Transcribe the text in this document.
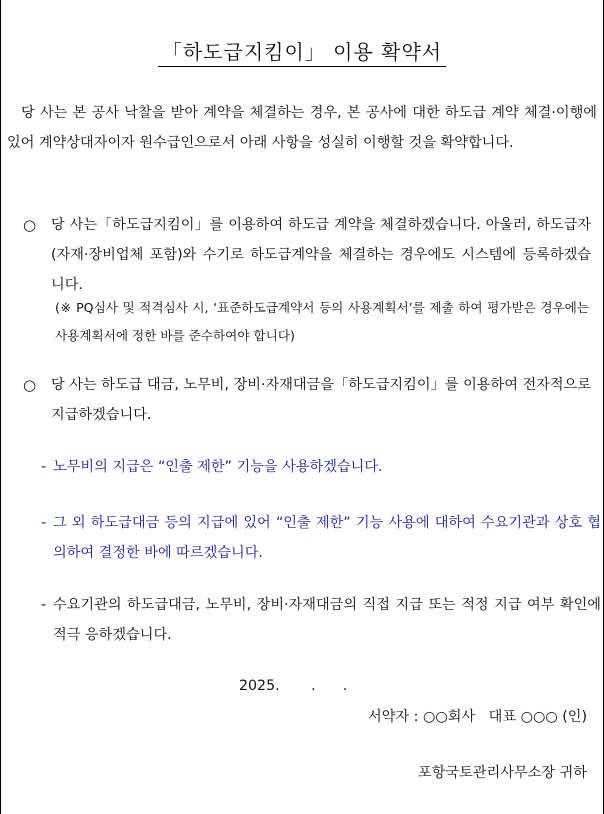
「하도급지킴이」 이용 확약서
당 사는 본 공사 낙찰을 받아 계약을 체결하는 경우, 본 공사에 대한 하도급 계약 체결·이행에 있어 계약상대자이자 원수급인으로서 아래 사항을 성실히 이행할 것을 확약합니다.
○	당 사는「하도급지킴이」를 이용하여 하도급 계약을 체결하겠습니다. 아울러, 하도급자(자재·장비업체 포함)와 수기로 하도급계약을 체결하는 경우에도 시스템에 등록하겠습니다.
(※ PQ심사 및 적격심사 시, ‘표준하도급계약서 등의 사용계획서’를 제출 하여 평가받은 경우에는 사용계획서에 정한 바를 준수하여야 합니다)
○	당 사는 하도급 대금, 노무비, 장비·자재대금을「하도급지킴이」를 이용하여 전자적으로 지급하겠습니다.
- 노무비의 지급은 “인출 제한” 기능을 사용하겠습니다.
- 그 외 하도급대금 등의 지급에 있어 “인출 제한” 기능 사용에 대하여 수요기관과 상호 협의하여 결정한 바에 따르겠습니다.
- 수요기관의 하도급대금, 노무비, 장비·자재대금의 직접 지급 또는 적정 지급 여부 확인에 적극 응하겠습니다.
2025.       .      .
서약자 : ○○회사   대표 ○○○ (인)
포항국토관리사무소장 귀하
